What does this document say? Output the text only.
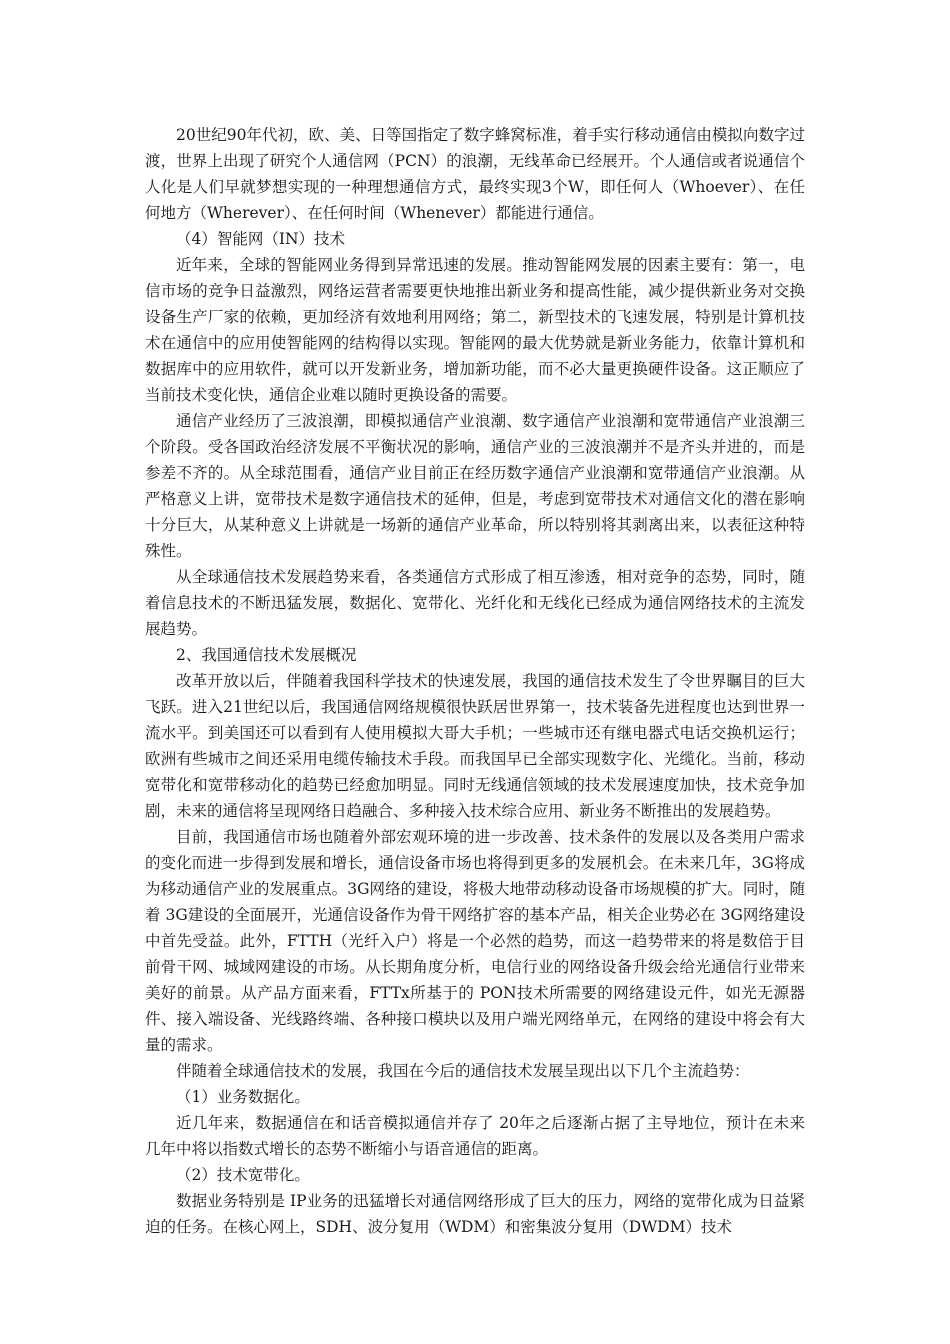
20世纪90年代初，欧、美、日等国指定了数字蜂窝标准，着手实行移动通信由模拟向数字过渡，世界上出现了研究个人通信网（PCN）的浪潮，无线革命已经展开。个人通信或者说通信个人化是人们早就梦想实现的一种理想通信方式，最终实现3个W，即任何人（Whoever）、在任何地方（Wherever）、在任何时间（Whenever）都能进行通信。

（4）智能网（IN）技术

近年来，全球的智能网业务得到异常迅速的发展。推动智能网发展的因素主要有：第一，电信市场的竞争日益激烈，网络运营者需要更快地推出新业务和提高性能，减少提供新业务对交换设备生产厂家的依赖，更加经济有效地利用网络；第二，新型技术的飞速发展，特别是计算机技术在通信中的应用使智能网的结构得以实现。智能网的最大优势就是新业务能力，依靠计算机和数据库中的应用软件，就可以开发新业务，增加新功能，而不必大量更换硬件设备。这正顺应了当前技术变化快，通信企业难以随时更换设备的需要。

通信产业经历了三波浪潮，即模拟通信产业浪潮、数字通信产业浪潮和宽带通信产业浪潮三个阶段。受各国政治经济发展不平衡状况的影响，通信产业的三波浪潮并不是齐头并进的，而是参差不齐的。从全球范围看，通信产业目前正在经历数字通信产业浪潮和宽带通信产业浪潮。从严格意义上讲，宽带技术是数字通信技术的延伸，但是，考虑到宽带技术对通信文化的潜在影响十分巨大，从某种意义上讲就是一场新的通信产业革命，所以特别将其剥离出来，以表征这种特殊性。

从全球通信技术发展趋势来看，各类通信方式形成了相互渗透，相对竞争的态势，同时，随着信息技术的不断迅猛发展，数据化、宽带化、光纤化和无线化已经成为通信网络技术的主流发展趋势。

2、我国通信技术发展概况

改革开放以后，伴随着我国科学技术的快速发展，我国的通信技术发生了令世界瞩目的巨大飞跃。进入21世纪以后，我国通信网络规模很快跃居世界第一，技术装备先进程度也达到世界一流水平。到美国还可以看到有人使用模拟大哥大手机；一些城市还有继电器式电话交换机运行；欧洲有些城市之间还采用电缆传输技术手段。而我国早已全部实现数字化、光缆化。当前，移动宽带化和宽带移动化的趋势已经愈加明显。同时无线通信领域的技术发展速度加快，技术竞争加剧，未来的通信将呈现网络日趋融合、多种接入技术综合应用、新业务不断推出的发展趋势。

目前，我国通信市场也随着外部宏观环境的进一步改善、技术条件的发展以及各类用户需求的变化而进一步得到发展和增长，通信设备市场也将得到更多的发展机会。在未来几年，3G将成为移动通信产业的发展重点。3G网络的建设，将极大地带动移动设备市场规模的扩大。同时，随着 3G建设的全面展开，光通信设备作为骨干网络扩容的基本产品，相关企业势必在 3G网络建设中首先受益。此外，FTTH（光纤入户）将是一个必然的趋势，而这一趋势带来的将是数倍于目前骨干网、城域网建设的市场。从长期角度分析，电信行业的网络设备升级会给光通信行业带来美好的前景。从产品方面来看，FTTx所基于的 PON技术所需要的网络建设元件，如光无源器件、接入端设备、光线路终端、各种接口模块以及用户端光网络单元，在网络的建设中将会有大量的需求。

伴随着全球通信技术的发展，我国在今后的通信技术发展呈现出以下几个主流趋势：

（1）业务数据化。

近几年来，数据通信在和话音模拟通信并存了 20年之后逐渐占据了主导地位，预计在未来几年中将以指数式增长的态势不断缩小与语音通信的距离。

（2）技术宽带化。

数据业务特别是 IP业务的迅猛增长对通信网络形成了巨大的压力，网络的宽带化成为日益紧迫的任务。在核心网上，SDH、波分复用（WDM）和密集波分复用（DWDM）技术
